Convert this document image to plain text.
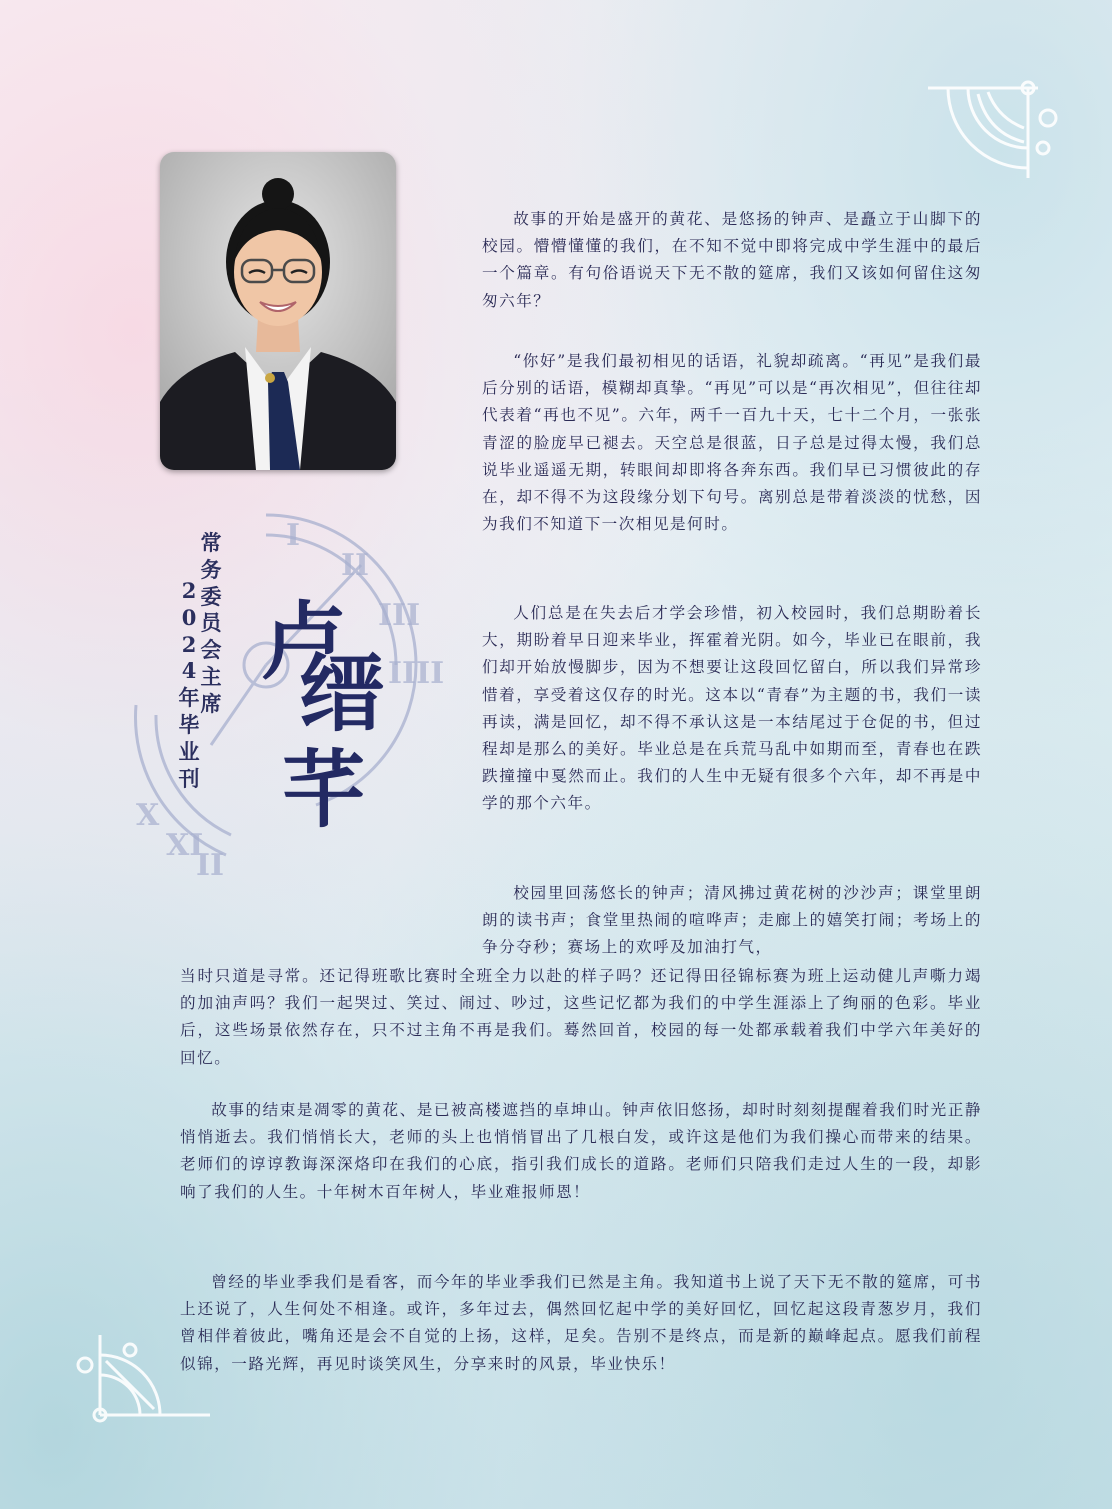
I
II
III
IIII
X
XI
II
常
务
委
员
会
主
席
2
0
2
4
年
毕
业
刊
卢
缙
芊

故事的开始是盛开的黄花、是悠扬的钟声、是矗立于山脚下的校园。懵懵懂懂的我们，在不知不觉中即将完成中学生涯中的最后一个篇章。有句俗语说天下无不散的筵席，我们又该如何留住这匆匆六年？

“你好”是我们最初相见的话语，礼貌却疏离。“再见”是我们最后分别的话语，模糊却真挚。“再见”可以是“再次相见”，但往往却代表着“再也不见”。六年，两千一百九十天，七十二个月，一张张青涩的脸庞早已褪去。天空总是很蓝，日子总是过得太慢，我们总说毕业遥遥无期，转眼间却即将各奔东西。我们早已习惯彼此的存在，却不得不为这段缘分划下句号。离别总是带着淡淡的忧愁，因为我们不知道下一次相见是何时。

人们总是在失去后才学会珍惜，初入校园时，我们总期盼着长大，期盼着早日迎来毕业，挥霍着光阴。如今，毕业已在眼前，我们却开始放慢脚步，因为不想要让这段回忆留白，所以我们异常珍惜着，享受着这仅存的时光。这本以“青春”为主题的书，我们一读再读，满是回忆，却不得不承认这是一本结尾过于仓促的书，但过程却是那么的美好。毕业总是在兵荒马乱中如期而至，青春也在跌跌撞撞中戛然而止。我们的人生中无疑有很多个六年，却不再是中学的那个六年。

校园里回荡悠长的钟声；清风拂过黄花树的沙沙声；课堂里朗朗的读书声；食堂里热闹的喧哗声；走廊上的嬉笑打闹；考场上的争分夺秒；赛场上的欢呼及加油打气，

当时只道是寻常。还记得班歌比赛时全班全力以赴的样子吗？还记得田径锦标赛为班上运动健儿声嘶力竭的加油声吗？我们一起哭过、笑过、闹过、吵过，这些记忆都为我们的中学生涯添上了绚丽的色彩。毕业后，这些场景依然存在，只不过主角不再是我们。蓦然回首，校园的每一处都承载着我们中学六年美好的回忆。

故事的结束是凋零的黄花、是已被高楼遮挡的卓坤山。钟声依旧悠扬，却时时刻刻提醒着我们时光正静悄悄逝去。我们悄悄长大，老师的头上也悄悄冒出了几根白发，或许这是他们为我们操心而带来的结果。老师们的谆谆教诲深深烙印在我们的心底，指引我们成长的道路。老师们只陪我们走过人生的一段，却影响了我们的人生。十年树木百年树人，毕业难报师恩！

曾经的毕业季我们是看客，而今年的毕业季我们已然是主角。我知道书上说了天下无不散的筵席，可书上还说了，人生何处不相逢。或许，多年过去，偶然回忆起中学的美好回忆，回忆起这段青葱岁月，我们曾相伴着彼此，嘴角还是会不自觉的上扬，这样，足矣。告别不是终点，而是新的巅峰起点。愿我们前程似锦，一路光辉，再见时谈笑风生，分享来时的风景，毕业快乐！
